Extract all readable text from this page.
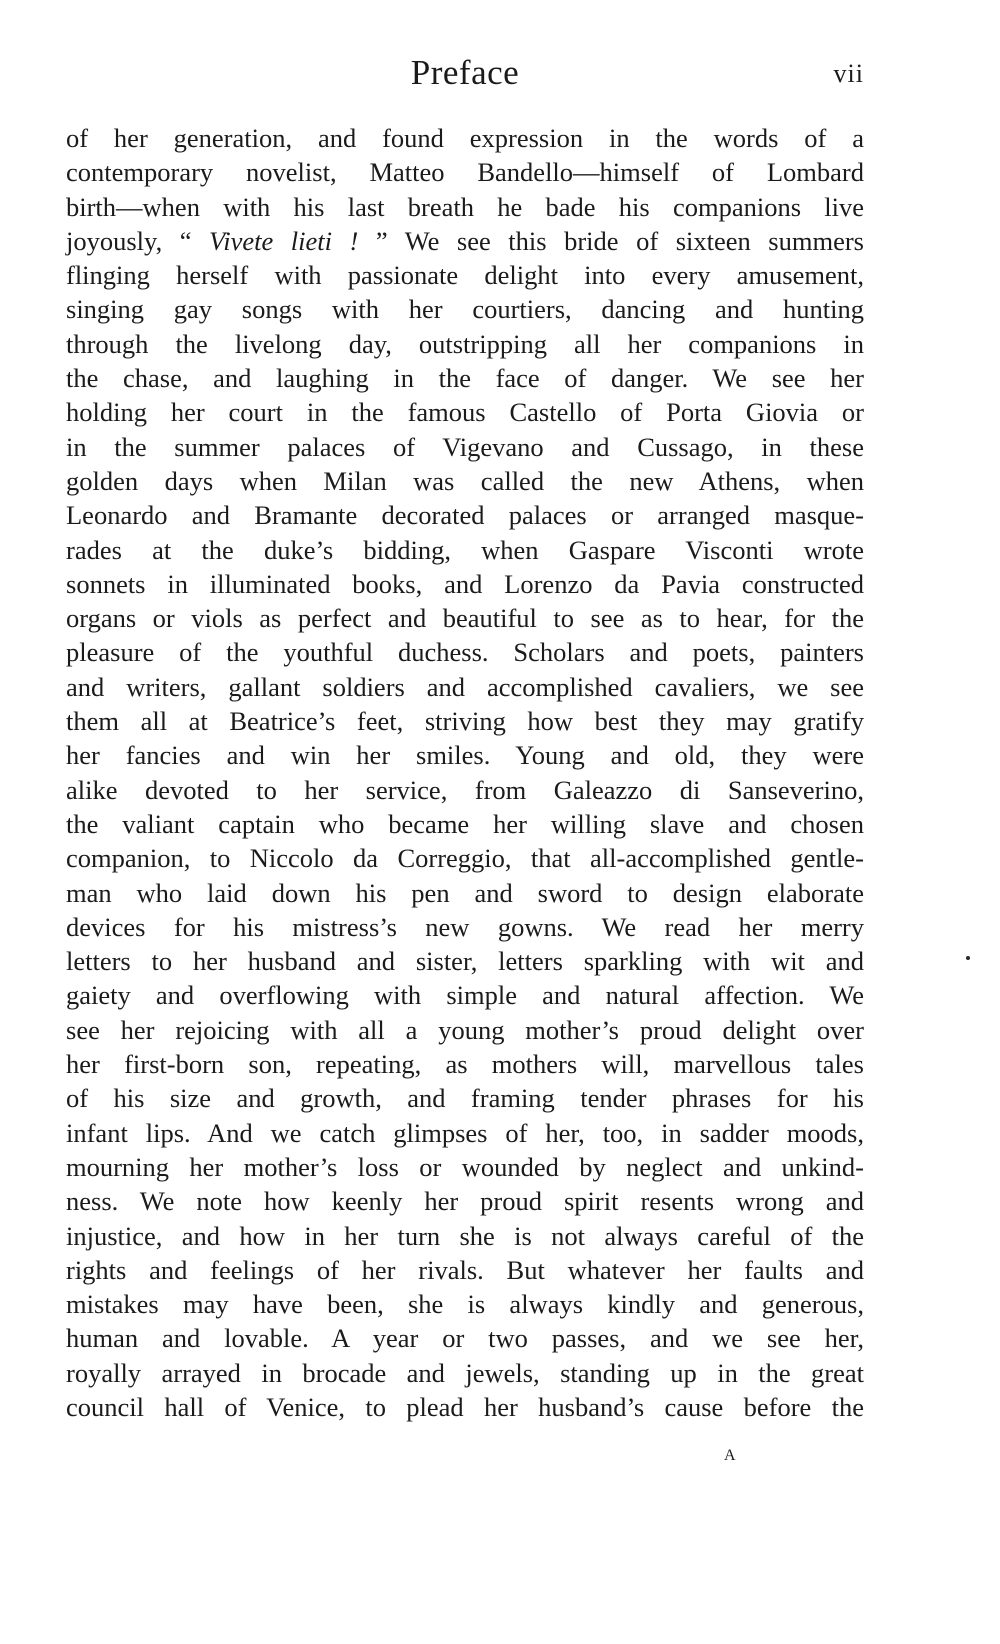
Preface	vii
of her generation, and found expression in the words of a
contemporary novelist, Matteo Bandello—himself of Lombard
birth—when with his last breath he bade his companions live
joyously, “ Vivete lieti ! ” We see this bride of sixteen summers
flinging herself with passionate delight into every amusement,
singing gay songs with her courtiers, dancing and hunting
through the livelong day, outstripping all her companions in
the chase, and laughing in the face of danger. We see her
holding her court in the famous Castello of Porta Giovia or
in the summer palaces of Vigevano and Cussago, in these
golden days when Milan was called the new Athens, when
Leonardo and Bramante decorated palaces or arranged masque-
rades at the duke’s bidding, when Gaspare Visconti wrote
sonnets in illuminated books, and Lorenzo da Pavia constructed
organs or viols as perfect and beautiful to see as to hear, for the
pleasure of the youthful duchess. Scholars and poets, painters
and writers, gallant soldiers and accomplished cavaliers, we see
them all at Beatrice’s feet, striving how best they may gratify
her fancies and win her smiles. Young and old, they were
alike devoted to her service, from Galeazzo di Sanseverino,
the valiant captain who became her willing slave and chosen
companion, to Niccolo da Correggio, that all-accomplished gentle-
man who laid down his pen and sword to design elaborate
devices for his mistress’s new gowns. We read her merry
letters to her husband and sister, letters sparkling with wit and
gaiety and overflowing with simple and natural affection. We
see her rejoicing with all a young mother’s proud delight over
her first-born son, repeating, as mothers will, marvellous tales
of his size and growth, and framing tender phrases for his
infant lips. And we catch glimpses of her, too, in sadder moods,
mourning her mother’s loss or wounded by neglect and unkind-
ness. We note how keenly her proud spirit resents wrong and
injustice, and how in her turn she is not always careful of the
rights and feelings of her rivals. But whatever her faults and
mistakes may have been, she is always kindly and generous,
human and lovable. A year or two passes, and we see her,
royally arrayed in brocade and jewels, standing up in the great
council hall of Venice, to plead her husband’s cause before the
A
